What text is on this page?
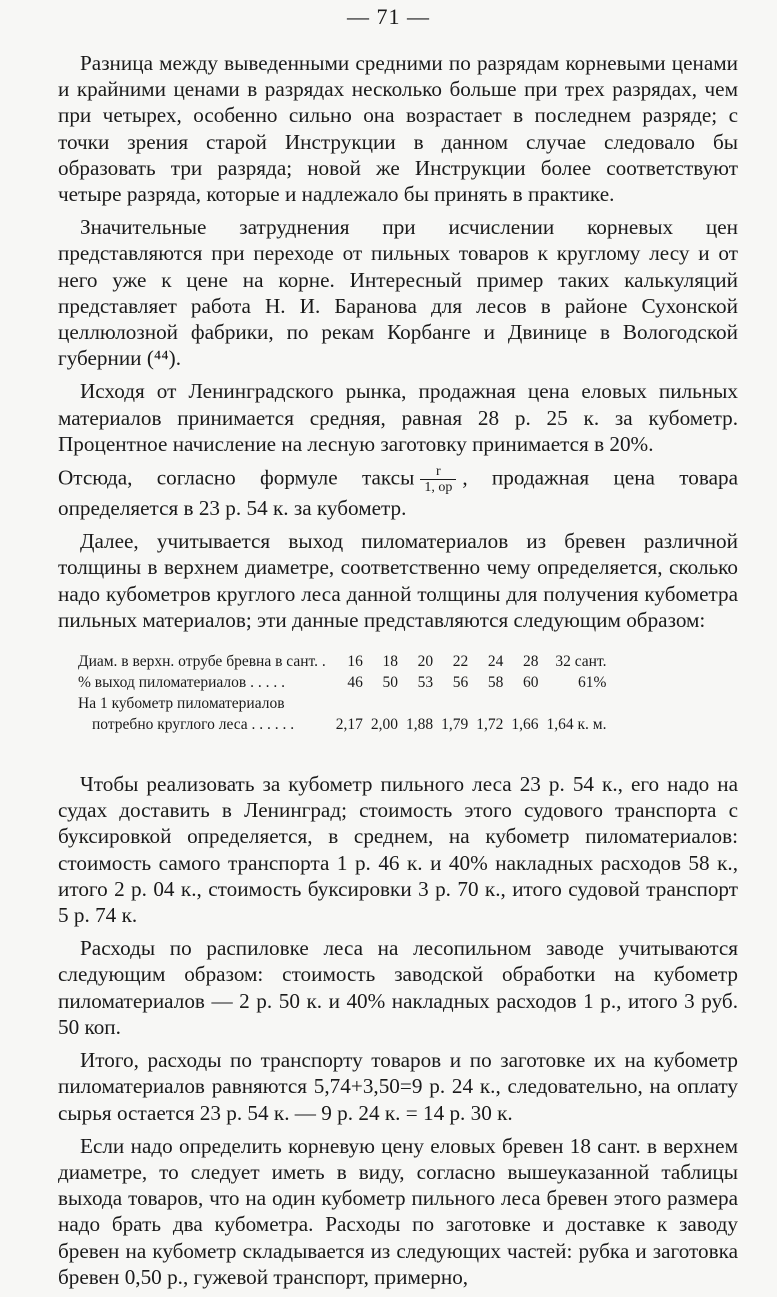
— 71 —

Разница между выведенными средними по разрядам корневыми ценами и крайними ценами в разрядах несколько больше при трех разрядах, чем при четырех, особенно сильно она возрастает в последнем разряде; с точки зрения старой Инструкции в данном случае следовало бы образовать три разряда; новой же Инструкции более соответствуют четыре разряда, которые и надлежало бы принять в практике.

Значительные затруднения при исчислении корневых цен представляются при переходе от пильных товаров к круглому лесу и от него уже к цене на корне. Интересный пример таких калькуляций представляет работа Н. И. Баранова для лесов в районе Сухонской целлюлозной фабрики, по рекам Корбанге и Двинице в Вологодской губернии (⁴⁴).

Исходя от Ленинградского рынка, продажная цена еловых пильных материалов принимается средняя, равная 28 р. 25 к. за кубометр. Процентное начисление на лесную заготовку принимается в 20%.

Отсюда, согласно формуле таксы $\frac{r}{1, op}$ , продажная цена товара определяется в 23 р. 54 к. за кубометр.

Далее, учитывается выход пиломатериалов из бревен различной толщины в верхнем диаметре, соответственно чему определяется, сколько надо кубометров круглого леса данной толщины для получения кубометра пильных материалов; эти данные представляются следующим образом:

Диам. в верхн. отрубе бревна в сант. .	16	18	20	22	24	28	32 сант.
% выход пиломатериалов . . . . .	46	50	53	56	58	60	61%
На 1 кубометр пиломатериалов							
потребно круглого леса . . . . . .	2,17	2,00	1,88	1,79	1,72	1,66	1,64 к. м.

Чтобы реализовать за кубометр пильного леса 23 р. 54 к., его надо на судах доставить в Ленинград; стоимость этого судового транспорта с буксировкой определяется, в среднем, на кубометр пиломатериалов: стоимость самого транспорта 1 р. 46 к. и 40% накладных расходов 58 к., итого 2 р. 04 к., стоимость буксировки 3 р. 70 к., итого судовой транспорт 5 р. 74 к.

Расходы по распиловке леса на лесопильном заводе учитываются следующим образом: стоимость заводской обработки на кубометр пиломатериалов — 2 р. 50 к. и 40% накладных расходов 1 р., итого 3 руб. 50 коп.

Итого, расходы по транспорту товаров и по заготовке их на кубометр пиломатериалов равняются 5,74+3,50=9 р. 24 к., следовательно, на оплату сырья остается 23 р. 54 к. — 9 р. 24 к. = 14 р. 30 к.

Если надо определить корневую цену еловых бревен 18 сант. в верхнем диаметре, то следует иметь в виду, согласно вышеуказанной таблицы выхода товаров, что на один кубометр пильного леса бревен этого размера надо брать два кубометра. Расходы по заготовке и доставке к заводу бревен на кубометр складывается из следующих частей: рубка и заготовка бревен 0,50 р., гужевой транспорт, примерно,
